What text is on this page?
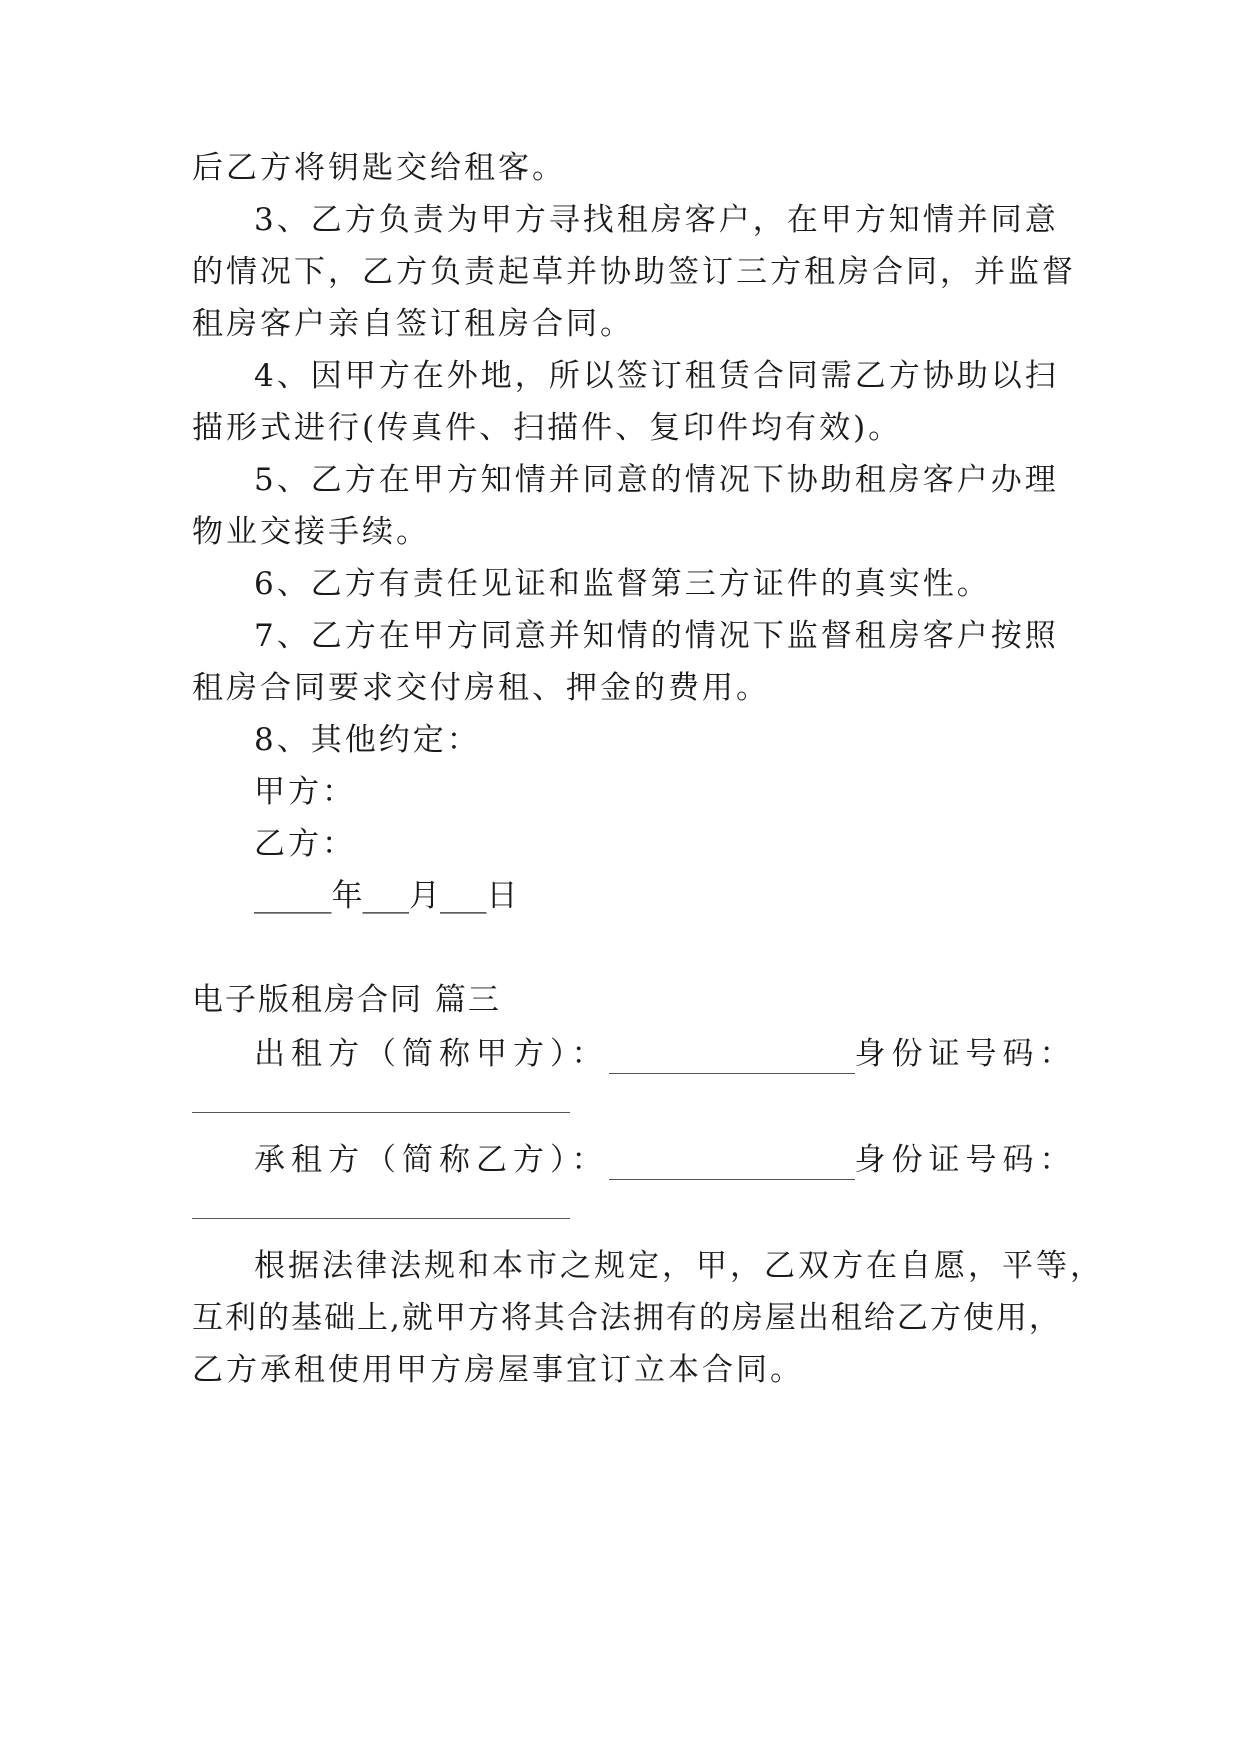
后乙方将钥匙交给租客。
3、乙方负责为甲方寻找租房客户，在甲方知情并同意
的情况下，乙方负责起草并协助签订三方租房合同，并监督
租房客户亲自签订租房合同。
4、因甲方在外地，所以签订租赁合同需乙方协助以扫
描形式进行(传真件、扫描件、复印件均有效)。
5、乙方在甲方知情并同意的情况下协助租房客户办理
物业交接手续。
6、乙方有责任见证和监督第三方证件的真实性。
7、乙方在甲方同意并知情的情况下监督租房客户按照
租房合同要求交付房租、押金的费用。
8、其他约定：
甲方：
乙方：
_____年___月___日
电子版租房合同 篇三
出租方（简称甲方）：	身份证号码：
承租方（简称乙方）：	身份证号码：
根据法律法规和本市之规定，甲，乙双方在自愿，平等，
互利的基础上,就甲方将其合法拥有的房屋出租给乙方使用，
乙方承租使用甲方房屋事宜订立本合同。
